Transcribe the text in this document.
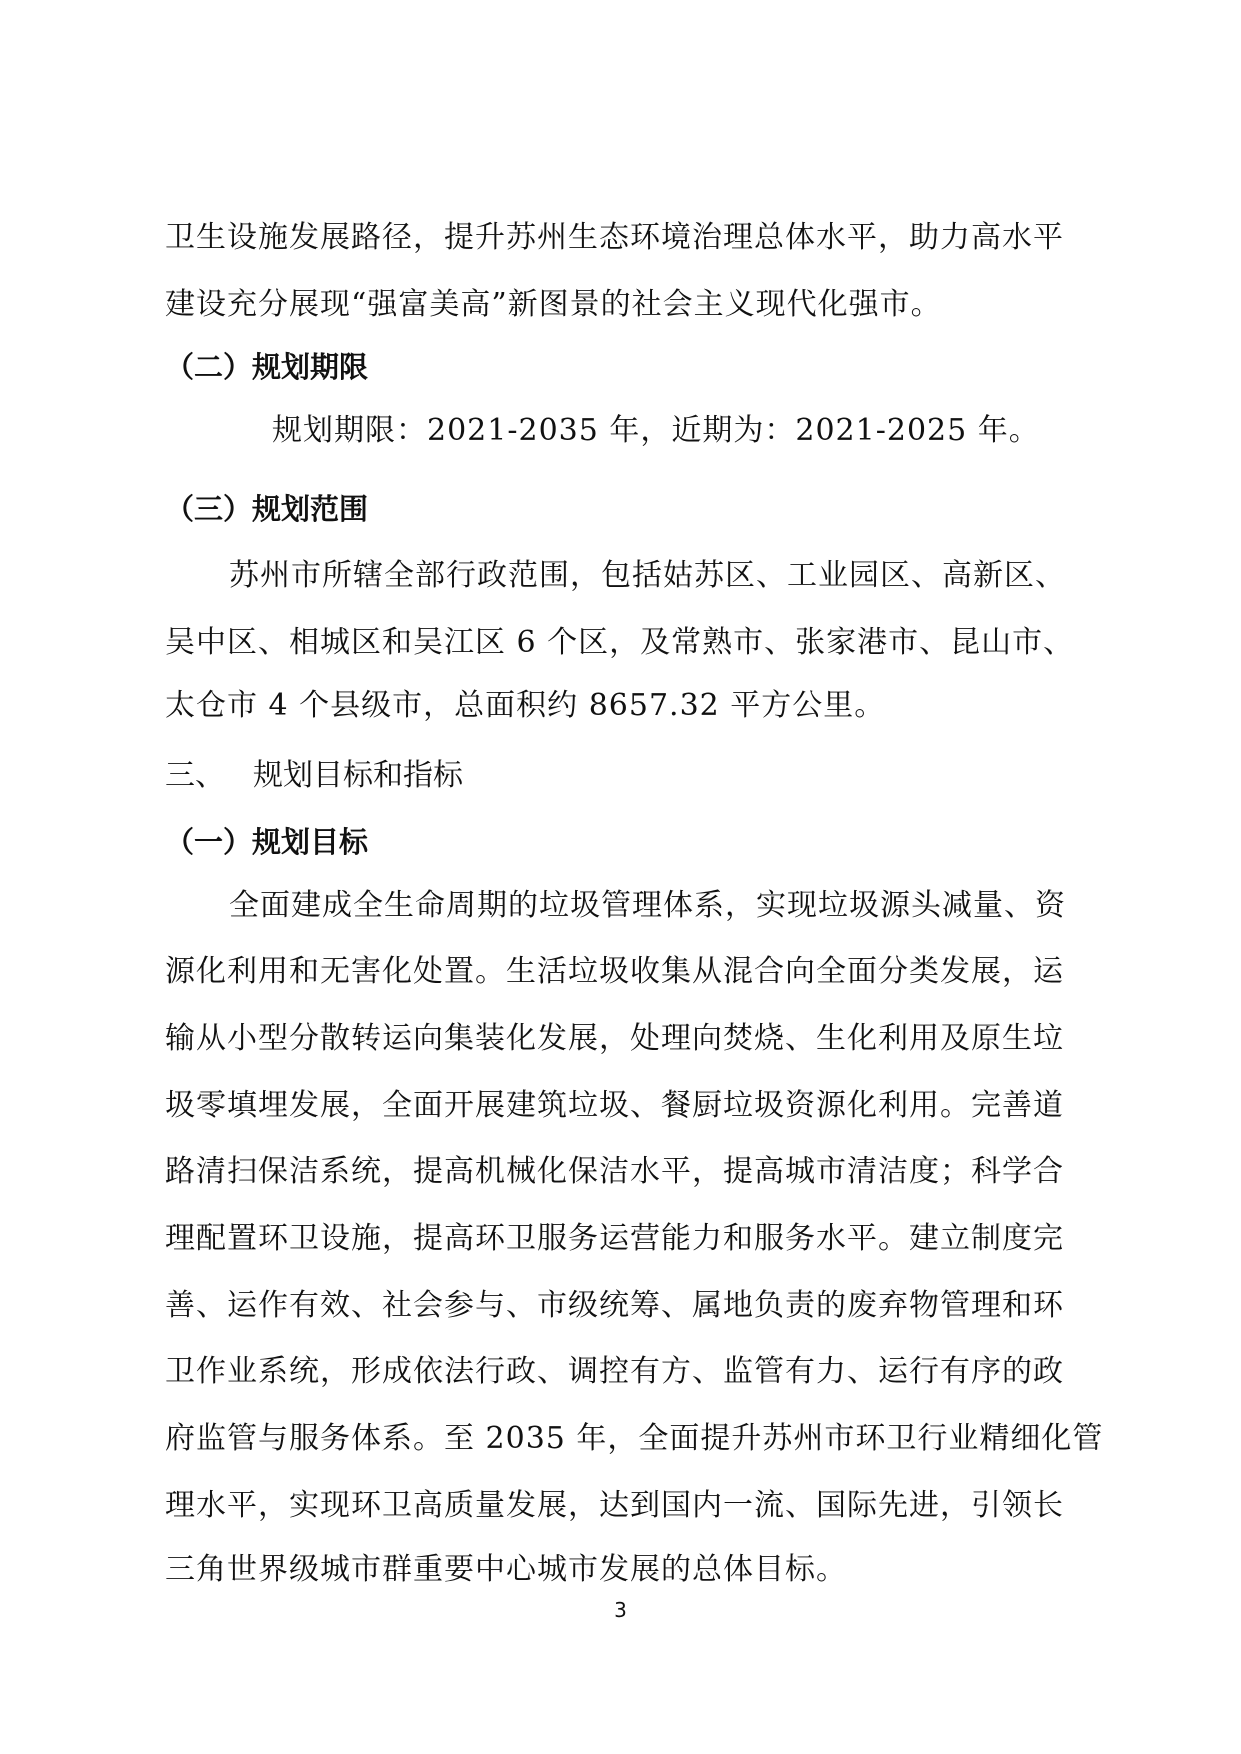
卫生设施发展路径，提升苏州生态环境治理总体水平，助力高水平
建设充分展现“强富美高”新图景的社会主义现代化强市。
（二）规划期限
规划期限：2021-2035 年，近期为：2021-2025 年。
（三）规划范围
苏州市所辖全部行政范围，包括姑苏区、工业园区、高新区、
吴中区、相城区和吴江区 6 个区，及常熟市、张家港市、昆山市、
太仓市 4 个县级市，总面积约 8657.32 平方公里。
三、 规划目标和指标
（一）规划目标
全面建成全生命周期的垃圾管理体系，实现垃圾源头减量、资
源化利用和无害化处置。生活垃圾收集从混合向全面分类发展，运
输从小型分散转运向集装化发展，处理向焚烧、生化利用及原生垃
圾零填埋发展，全面开展建筑垃圾、餐厨垃圾资源化利用。完善道
路清扫保洁系统，提高机械化保洁水平，提高城市清洁度；科学合
理配置环卫设施，提高环卫服务运营能力和服务水平。建立制度完
善、运作有效、社会参与、市级统筹、属地负责的废弃物管理和环
卫作业系统，形成依法行政、调控有方、监管有力、运行有序的政
府监管与服务体系。至 2035 年，全面提升苏州市环卫行业精细化管
理水平，实现环卫高质量发展，达到国内一流、国际先进，引领长
三角世界级城市群重要中心城市发展的总体目标。
3
